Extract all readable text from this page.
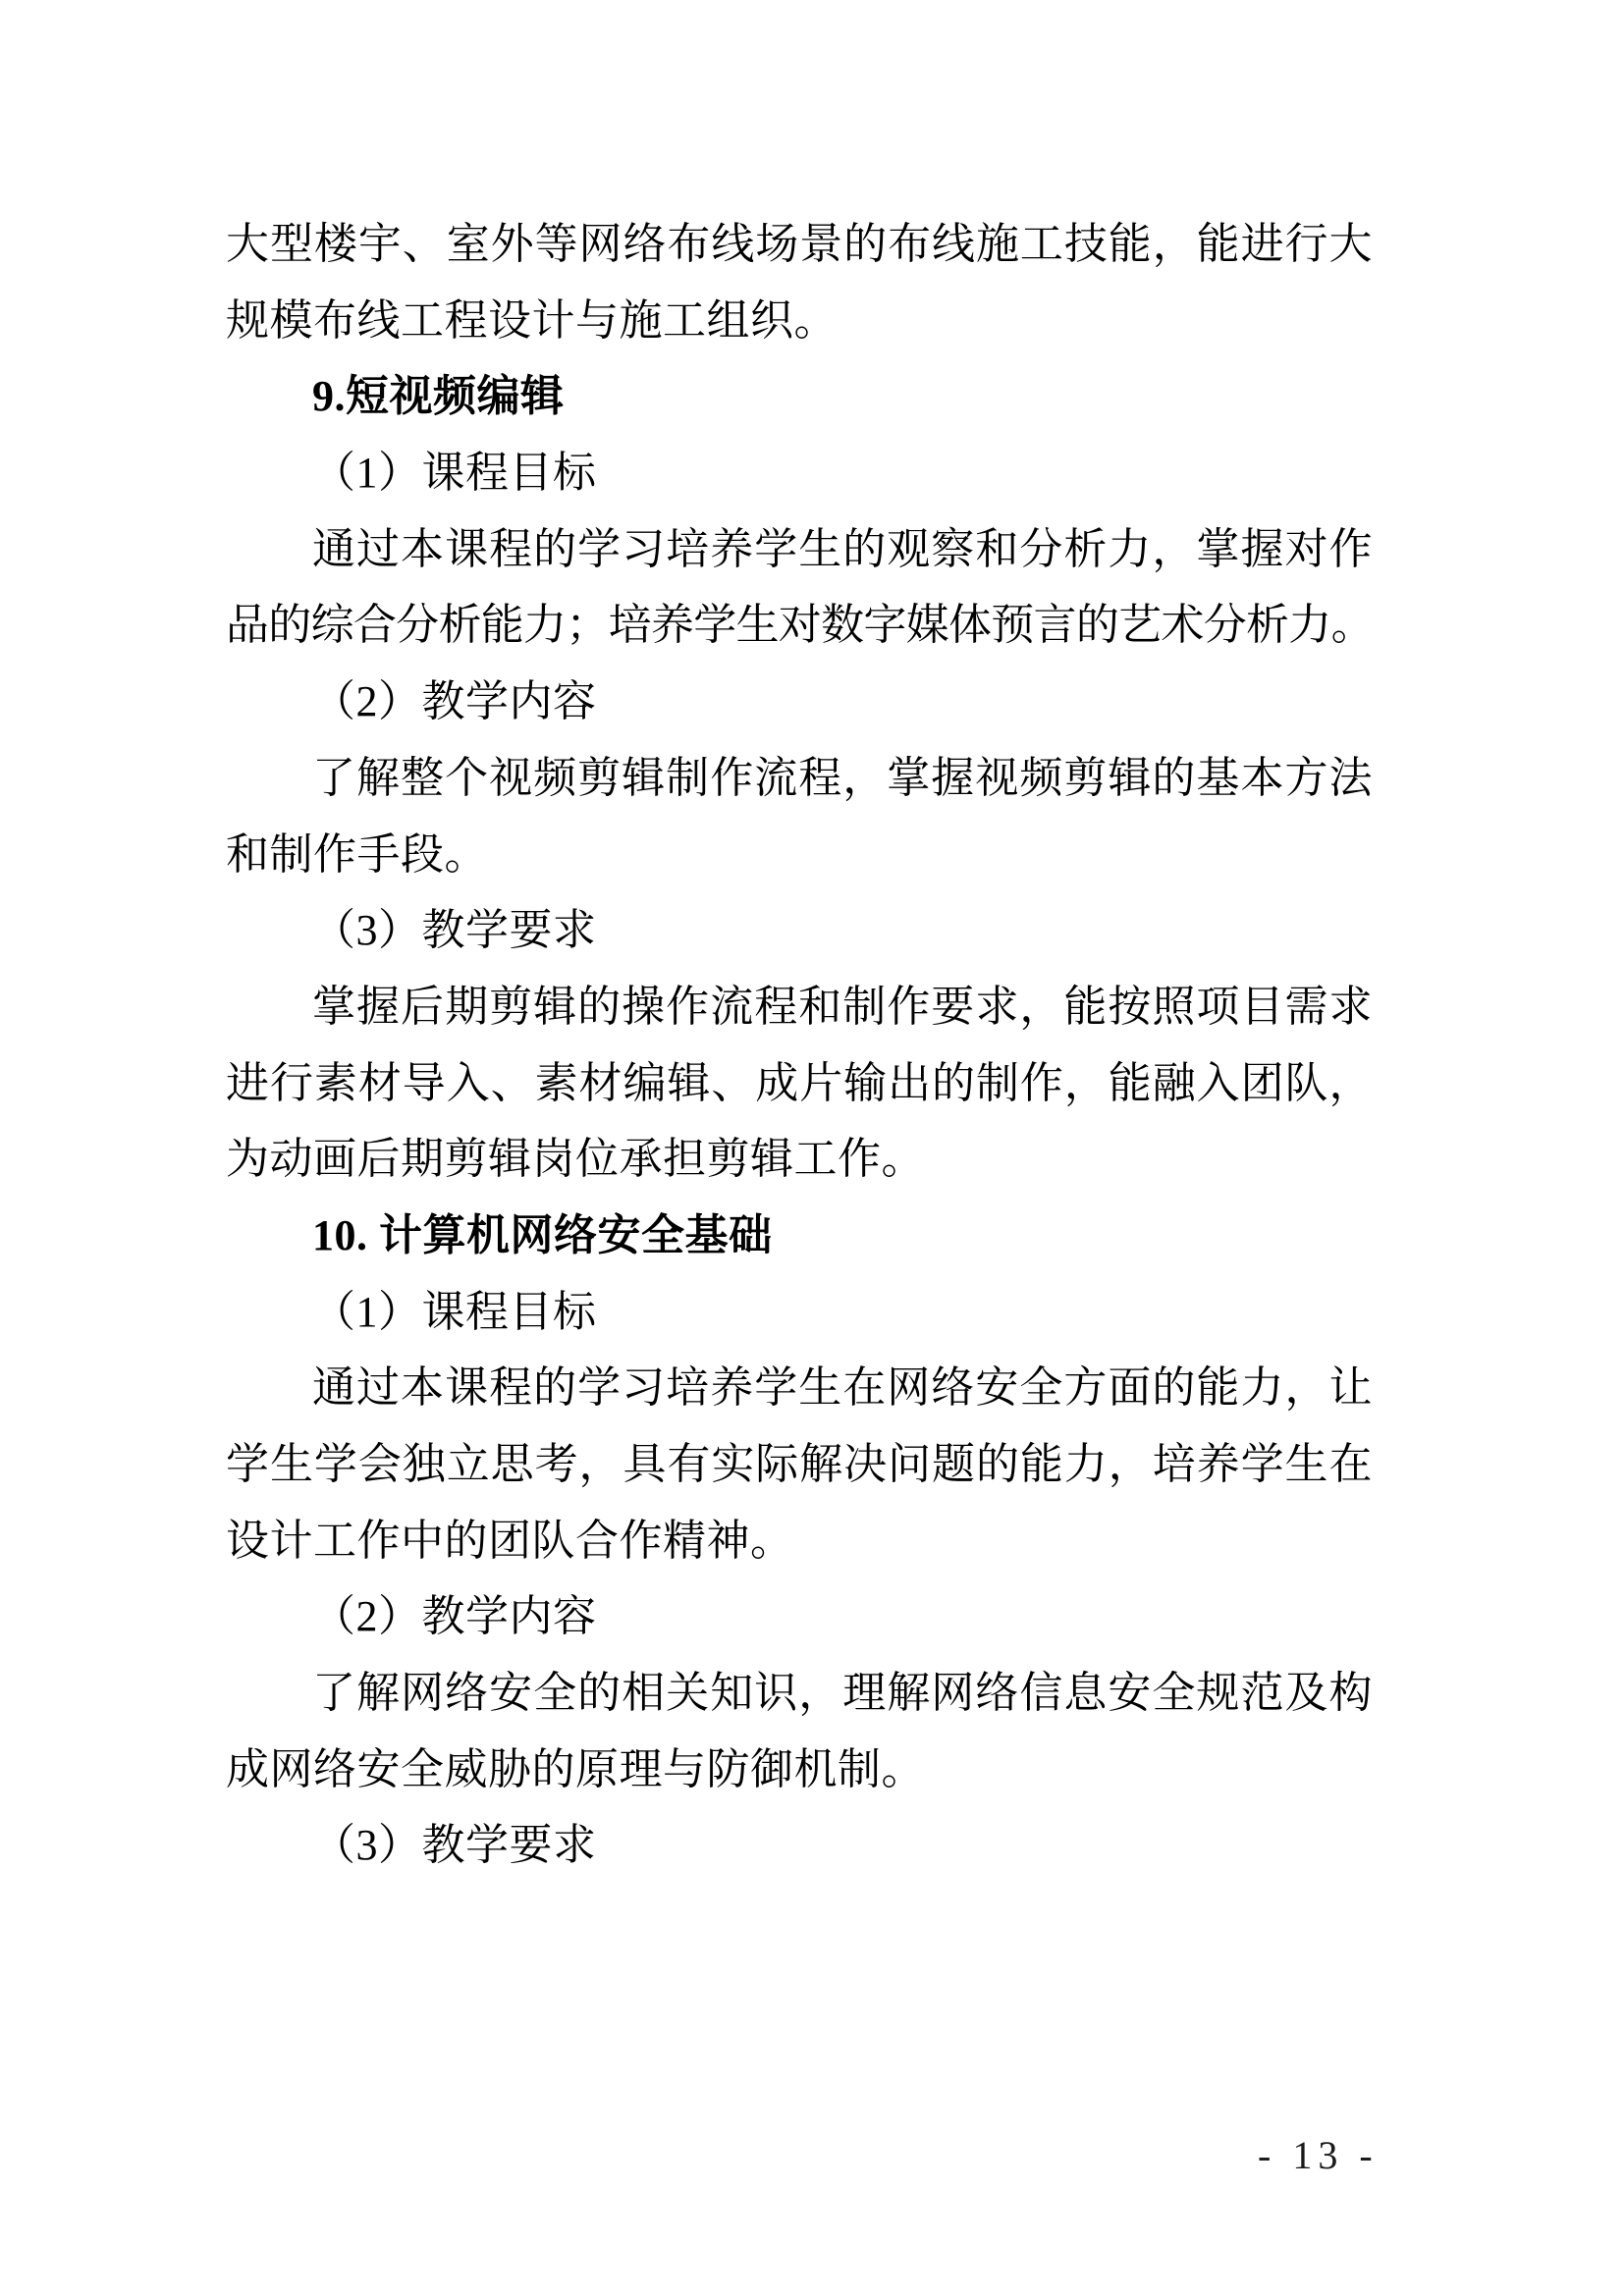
大型楼宇、室外等网络布线场景的布线施工技能，能进行大
规模布线工程设计与施工组织。
9.短视频编辑
（1）课程目标
通过本课程的学习培养学生的观察和分析力，掌握对作
品的综合分析能力；培养学生对数字媒体预言的艺术分析力。
（2）教学内容
了解整个视频剪辑制作流程，掌握视频剪辑的基本方法
和制作手段。
（3）教学要求
掌握后期剪辑的操作流程和制作要求，能按照项目需求
进行素材导入、素材编辑、成片输出的制作，能融入团队，
为动画后期剪辑岗位承担剪辑工作。
10. 计算机网络安全基础
（1）课程目标
通过本课程的学习培养学生在网络安全方面的能力，让
学生学会独立思考，具有实际解决问题的能力，培养学生在
设计工作中的团队合作精神。
（2）教学内容
了解网络安全的相关知识，理解网络信息安全规范及构
成网络安全威胁的原理与防御机制。
（3）教学要求
- 13 -
